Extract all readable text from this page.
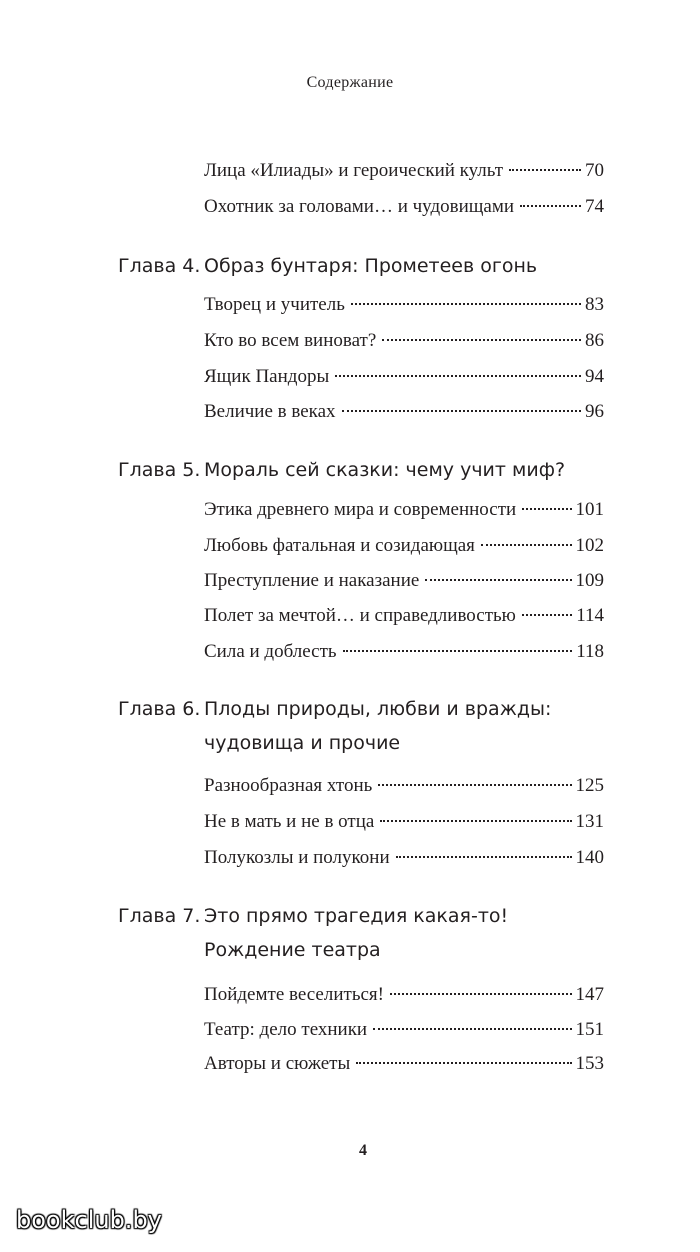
Содержание
Лица «Илиады» и героический культ	70
Охотник за головами… и чудовищами	74
Глава 4. Образ бунтаря: Прометеев огонь
Творец и учитель	83
Кто во всем виноват?	86
Ящик Пандоры	94
Величие в веках	96
Глава 5. Мораль сей сказки: чему учит миф?
Этика древнего мира и современности	101
Любовь фатальная и созидающая	102
Преступление и наказание	109
Полет за мечтой… и справедливостью	114
Сила и доблесть	118
Глава 6. Плоды природы, любви и вражды:
чудовища и прочие
Разнообразная хтонь	125
Не в мать и не в отца	131
Полукозлы и полукони	140
Глава 7. Это прямо трагедия какая-то!
Рождение театра
Пойдемте веселиться!	147
Театр: дело техники	151
Авторы и сюжеты	153
4
bookclub.by
